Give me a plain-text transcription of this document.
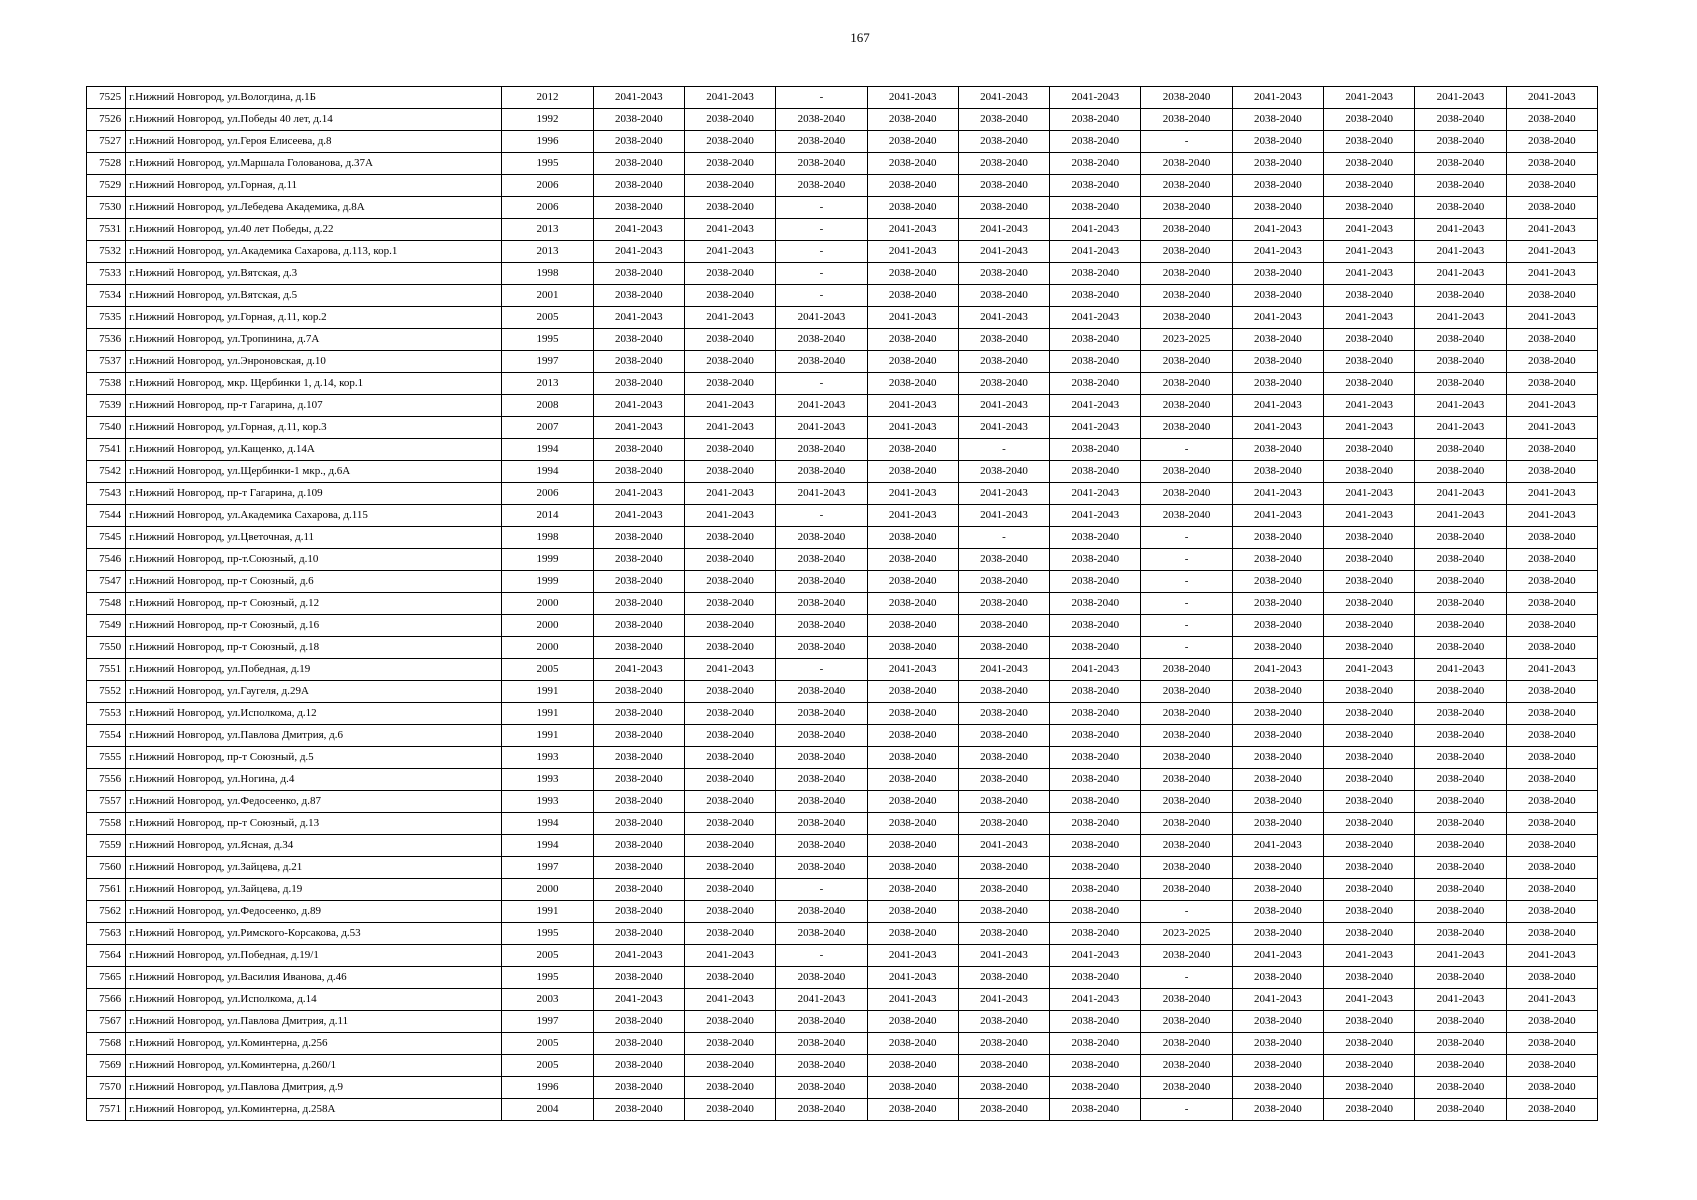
167
7525	г.Нижний Новгород, ул.Вологдина, д.1Б	2012	2041-2043	2041-2043	-	2041-2043	2041-2043	2041-2043	2038-2040	2041-2043	2041-2043	2041-2043	2041-2043
7526	г.Нижний Новгород, ул.Победы 40 лет, д.14	1992	2038-2040	2038-2040	2038-2040	2038-2040	2038-2040	2038-2040	2038-2040	2038-2040	2038-2040	2038-2040	2038-2040
7527	г.Нижний Новгород, ул.Героя Елисеева, д.8	1996	2038-2040	2038-2040	2038-2040	2038-2040	2038-2040	2038-2040	-	2038-2040	2038-2040	2038-2040	2038-2040
7528	г.Нижний Новгород, ул.Маршала Голованова, д.37А	1995	2038-2040	2038-2040	2038-2040	2038-2040	2038-2040	2038-2040	2038-2040	2038-2040	2038-2040	2038-2040	2038-2040
7529	г.Нижний Новгород, ул.Горная, д.11	2006	2038-2040	2038-2040	2038-2040	2038-2040	2038-2040	2038-2040	2038-2040	2038-2040	2038-2040	2038-2040	2038-2040
7530	г.Нижний Новгород, ул.Лебедева Академика, д.8А	2006	2038-2040	2038-2040	-	2038-2040	2038-2040	2038-2040	2038-2040	2038-2040	2038-2040	2038-2040	2038-2040
7531	г.Нижний Новгород, ул.40 лет Победы, д.22	2013	2041-2043	2041-2043	-	2041-2043	2041-2043	2041-2043	2038-2040	2041-2043	2041-2043	2041-2043	2041-2043
7532	г.Нижний Новгород, ул.Академика Сахарова, д.113, кор.1	2013	2041-2043	2041-2043	-	2041-2043	2041-2043	2041-2043	2038-2040	2041-2043	2041-2043	2041-2043	2041-2043
7533	г.Нижний Новгород, ул.Вятская, д.3	1998	2038-2040	2038-2040	-	2038-2040	2038-2040	2038-2040	2038-2040	2038-2040	2041-2043	2041-2043	2041-2043
7534	г.Нижний Новгород, ул.Вятская, д.5	2001	2038-2040	2038-2040	-	2038-2040	2038-2040	2038-2040	2038-2040	2038-2040	2038-2040	2038-2040	2038-2040
7535	г.Нижний Новгород, ул.Горная, д.11, кор.2	2005	2041-2043	2041-2043	2041-2043	2041-2043	2041-2043	2041-2043	2038-2040	2041-2043	2041-2043	2041-2043	2041-2043
7536	г.Нижний Новгород, ул.Тропинина, д.7А	1995	2038-2040	2038-2040	2038-2040	2038-2040	2038-2040	2038-2040	2023-2025	2038-2040	2038-2040	2038-2040	2038-2040
7537	г.Нижний Новгород, ул.Энроновская, д.10	1997	2038-2040	2038-2040	2038-2040	2038-2040	2038-2040	2038-2040	2038-2040	2038-2040	2038-2040	2038-2040	2038-2040
7538	г.Нижний Новгород, мкр. Щербинки 1, д.14, кор.1	2013	2038-2040	2038-2040	-	2038-2040	2038-2040	2038-2040	2038-2040	2038-2040	2038-2040	2038-2040	2038-2040
7539	г.Нижний Новгород, пр-т Гагарина, д.107	2008	2041-2043	2041-2043	2041-2043	2041-2043	2041-2043	2041-2043	2038-2040	2041-2043	2041-2043	2041-2043	2041-2043
7540	г.Нижний Новгород, ул.Горная, д.11, кор.3	2007	2041-2043	2041-2043	2041-2043	2041-2043	2041-2043	2041-2043	2038-2040	2041-2043	2041-2043	2041-2043	2041-2043
7541	г.Нижний Новгород, ул.Кащенко, д.14А	1994	2038-2040	2038-2040	2038-2040	2038-2040	-	2038-2040	-	2038-2040	2038-2040	2038-2040	2038-2040
7542	г.Нижний Новгород, ул.Щербинки-1 мкр., д.6А	1994	2038-2040	2038-2040	2038-2040	2038-2040	2038-2040	2038-2040	2038-2040	2038-2040	2038-2040	2038-2040	2038-2040
7543	г.Нижний Новгород, пр-т Гагарина, д.109	2006	2041-2043	2041-2043	2041-2043	2041-2043	2041-2043	2041-2043	2038-2040	2041-2043	2041-2043	2041-2043	2041-2043
7544	г.Нижний Новгород, ул.Академика Сахарова, д.115	2014	2041-2043	2041-2043	-	2041-2043	2041-2043	2041-2043	2038-2040	2041-2043	2041-2043	2041-2043	2041-2043
7545	г.Нижний Новгород, ул.Цветочная, д.11	1998	2038-2040	2038-2040	2038-2040	2038-2040	-	2038-2040	-	2038-2040	2038-2040	2038-2040	2038-2040
7546	г.Нижний Новгород, пр-т.Союзный, д.10	1999	2038-2040	2038-2040	2038-2040	2038-2040	2038-2040	2038-2040	-	2038-2040	2038-2040	2038-2040	2038-2040
7547	г.Нижний Новгород, пр-т Союзный, д.6	1999	2038-2040	2038-2040	2038-2040	2038-2040	2038-2040	2038-2040	-	2038-2040	2038-2040	2038-2040	2038-2040
7548	г.Нижний Новгород, пр-т Союзный, д.12	2000	2038-2040	2038-2040	2038-2040	2038-2040	2038-2040	2038-2040	-	2038-2040	2038-2040	2038-2040	2038-2040
7549	г.Нижний Новгород, пр-т Союзный, д.16	2000	2038-2040	2038-2040	2038-2040	2038-2040	2038-2040	2038-2040	-	2038-2040	2038-2040	2038-2040	2038-2040
7550	г.Нижний Новгород, пр-т Союзный, д.18	2000	2038-2040	2038-2040	2038-2040	2038-2040	2038-2040	2038-2040	-	2038-2040	2038-2040	2038-2040	2038-2040
7551	г.Нижний Новгород, ул.Победная, д.19	2005	2041-2043	2041-2043	-	2041-2043	2041-2043	2041-2043	2038-2040	2041-2043	2041-2043	2041-2043	2041-2043
7552	г.Нижний Новгород, ул.Гаугеля, д.29А	1991	2038-2040	2038-2040	2038-2040	2038-2040	2038-2040	2038-2040	2038-2040	2038-2040	2038-2040	2038-2040	2038-2040
7553	г.Нижний Новгород, ул.Исполкома, д.12	1991	2038-2040	2038-2040	2038-2040	2038-2040	2038-2040	2038-2040	2038-2040	2038-2040	2038-2040	2038-2040	2038-2040
7554	г.Нижний Новгород, ул.Павлова Дмитрия, д.6	1991	2038-2040	2038-2040	2038-2040	2038-2040	2038-2040	2038-2040	2038-2040	2038-2040	2038-2040	2038-2040	2038-2040
7555	г.Нижний Новгород, пр-т Союзный, д.5	1993	2038-2040	2038-2040	2038-2040	2038-2040	2038-2040	2038-2040	2038-2040	2038-2040	2038-2040	2038-2040	2038-2040
7556	г.Нижний Новгород, ул.Ногина, д.4	1993	2038-2040	2038-2040	2038-2040	2038-2040	2038-2040	2038-2040	2038-2040	2038-2040	2038-2040	2038-2040	2038-2040
7557	г.Нижний Новгород, ул.Федосеенко, д.87	1993	2038-2040	2038-2040	2038-2040	2038-2040	2038-2040	2038-2040	2038-2040	2038-2040	2038-2040	2038-2040	2038-2040
7558	г.Нижний Новгород, пр-т Союзный, д.13	1994	2038-2040	2038-2040	2038-2040	2038-2040	2038-2040	2038-2040	2038-2040	2038-2040	2038-2040	2038-2040	2038-2040
7559	г.Нижний Новгород, ул.Ясная, д.34	1994	2038-2040	2038-2040	2038-2040	2038-2040	2041-2043	2038-2040	2038-2040	2041-2043	2038-2040	2038-2040	2038-2040
7560	г.Нижний Новгород, ул.Зайцева, д.21	1997	2038-2040	2038-2040	2038-2040	2038-2040	2038-2040	2038-2040	2038-2040	2038-2040	2038-2040	2038-2040	2038-2040
7561	г.Нижний Новгород, ул.Зайцева, д.19	2000	2038-2040	2038-2040	-	2038-2040	2038-2040	2038-2040	2038-2040	2038-2040	2038-2040	2038-2040	2038-2040
7562	г.Нижний Новгород, ул.Федосеенко, д.89	1991	2038-2040	2038-2040	2038-2040	2038-2040	2038-2040	2038-2040	-	2038-2040	2038-2040	2038-2040	2038-2040
7563	г.Нижний Новгород, ул.Римского-Корсакова, д.53	1995	2038-2040	2038-2040	2038-2040	2038-2040	2038-2040	2038-2040	2023-2025	2038-2040	2038-2040	2038-2040	2038-2040
7564	г.Нижний Новгород, ул.Победная, д.19/1	2005	2041-2043	2041-2043	-	2041-2043	2041-2043	2041-2043	2038-2040	2041-2043	2041-2043	2041-2043	2041-2043
7565	г.Нижний Новгород, ул.Василия Иванова, д.46	1995	2038-2040	2038-2040	2038-2040	2041-2043	2038-2040	2038-2040	-	2038-2040	2038-2040	2038-2040	2038-2040
7566	г.Нижний Новгород, ул.Исполкома, д.14	2003	2041-2043	2041-2043	2041-2043	2041-2043	2041-2043	2041-2043	2038-2040	2041-2043	2041-2043	2041-2043	2041-2043
7567	г.Нижний Новгород, ул.Павлова Дмитрия, д.11	1997	2038-2040	2038-2040	2038-2040	2038-2040	2038-2040	2038-2040	2038-2040	2038-2040	2038-2040	2038-2040	2038-2040
7568	г.Нижний Новгород, ул.Коминтерна, д.256	2005	2038-2040	2038-2040	2038-2040	2038-2040	2038-2040	2038-2040	2038-2040	2038-2040	2038-2040	2038-2040	2038-2040
7569	г.Нижний Новгород, ул.Коминтерна, д.260/1	2005	2038-2040	2038-2040	2038-2040	2038-2040	2038-2040	2038-2040	2038-2040	2038-2040	2038-2040	2038-2040	2038-2040
7570	г.Нижний Новгород, ул.Павлова Дмитрия, д.9	1996	2038-2040	2038-2040	2038-2040	2038-2040	2038-2040	2038-2040	2038-2040	2038-2040	2038-2040	2038-2040	2038-2040
7571	г.Нижний Новгород, ул.Коминтерна, д.258А	2004	2038-2040	2038-2040	2038-2040	2038-2040	2038-2040	2038-2040	-	2038-2040	2038-2040	2038-2040	2038-2040
